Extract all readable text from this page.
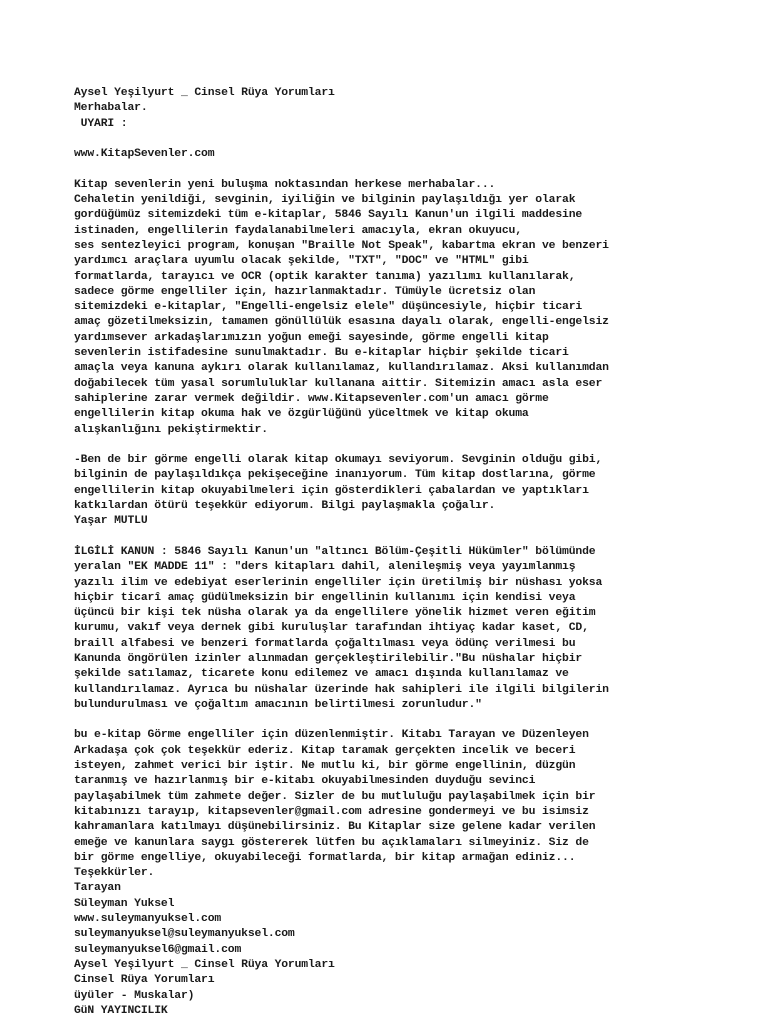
Aysel Yeşilyurt _ Cinsel Rüya Yorumları
Merhabalar.
UYARI :
www.KitapSevenler.com
Kitap sevenlerin yeni buluşma noktasından herkese merhabalar...
Cehaletin yenildiği, sevginin, iyiliğin ve bilginin paylaşıldığı yer olarak
gordüğümüz sitemizdeki tüm e-kitaplar, 5846 Sayılı Kanun'un ilgili maddesine
istinaden, engellilerin faydalanabilmeleri amacıyla, ekran okuyucu,
ses sentezleyici program, konuşan "Braille Not Speak", kabartma ekran ve benzeri
yardımcı araçlara uyumlu olacak şekilde, "TXT", "DOC" ve "HTML" gibi
formatlarda, tarayıcı ve OCR (optik karakter tanıma) yazılımı kullanılarak,
sadece görme engelliler için, hazırlanmaktadır. Tümüyle ücretsiz olan
sitemizdeki e-kitaplar, "Engelli-engelsiz elele" düşüncesiyle, hiçbir ticari
amaç gözetilmeksizin, tamamen gönüllülük esasına dayalı olarak, engelli-engelsiz
yardımsever arkadaşlarımızın yoğun emeği sayesinde, görme engelli kitap
sevenlerin istifadesine sunulmaktadır. Bu e-kitaplar hiçbir şekilde ticari
amaçla veya kanuna aykırı olarak kullanılamaz, kullandırılamaz. Aksi kullanımdan
doğabilecek tüm yasal sorumluluklar kullanana aittir. Sitemizin amacı asla eser
sahiplerine zarar vermek değildir. www.Kitapsevenler.com'un amacı görme
engellilerin kitap okuma hak ve özgürlüğünü yüceltmek ve kitap okuma
alışkanlığını pekiştirmektir.
-Ben de bir görme engelli olarak kitap okumayı seviyorum. Sevginin olduğu gibi,
bilginin de paylaşıldıkça pekişeceğine inanıyorum. Tüm kitap dostlarına, görme
engellilerin kitap okuyabilmeleri için gösterdikleri çabalardan ve yaptıkları
katkılardan ötürü teşekkür ediyorum. Bilgi paylaşmakla çoğalır.
Yaşar MUTLU
İLGİLİ KANUN : 5846 Sayılı Kanun'un "altıncı Bölüm-Çeşitli Hükümler" bölümünde
yeralan "EK MADDE 11" : "ders kitapları dahil, alenileşmiş veya yayımlanmış
yazılı ilim ve edebiyat eserlerinin engelliler için üretilmiş bir nüshası yoksa
hiçbir ticarî amaç güdülmeksizin bir engellinin kullanımı için kendisi veya
üçüncü bir kişi tek nüsha olarak ya da engellilere yönelik hizmet veren eğitim
kurumu, vakıf veya dernek gibi kuruluşlar tarafından ihtiyaç kadar kaset, CD,
braill alfabesi ve benzeri formatlarda çoğaltılması veya ödünç verilmesi bu
Kanunda öngörülen izinler alınmadan gerçekleştirilebilir."Bu nüshalar hiçbir
şekilde satılamaz, ticarete konu edilemez ve amacı dışında kullanılamaz ve
kullandırılamaz. Ayrıca bu nüshalar üzerinde hak sahipleri ile ilgili bilgilerin
bulundurulması ve çoğaltım amacının belirtilmesi zorunludur."
bu e-kitap Görme engelliler için düzenlenmiştir. Kitabı Tarayan ve Düzenleyen
Arkadaşa çok çok teşekkür ederiz. Kitap taramak gerçekten incelik ve beceri
isteyen, zahmet verici bir iştir. Ne mutlu ki, bir görme engellinin, düzgün
taranmış ve hazırlanmış bir e-kitabı okuyabilmesinden duyduğu sevinci
paylaşabilmek tüm zahmete değer. Sizler de bu mutluluğu paylaşabilmek için bir
kitabınızı tarayıp, kitapsevenler@gmail.com adresine gondermeyi ve bu isimsiz
kahramanlara katılmayı düşünebilirsiniz. Bu Kitaplar size gelene kadar verilen
emeğe ve kanunlara saygı göstererek lütfen bu açıklamaları silmeyiniz. Siz de
bir görme engelliye, okuyabileceği formatlarda, bir kitap armağan ediniz...
Teşekkürler.
Tarayan
Süleyman Yuksel
www.suleymanyuksel.com
suleymanyuksel@suleymanyuksel.com
suleymanyuksel6@gmail.com
Aysel Yeşilyurt _ Cinsel Rüya Yorumları
Cinsel Rüya Yorumları
üyüler - Muskalar)
GüN YAYINCILIK
